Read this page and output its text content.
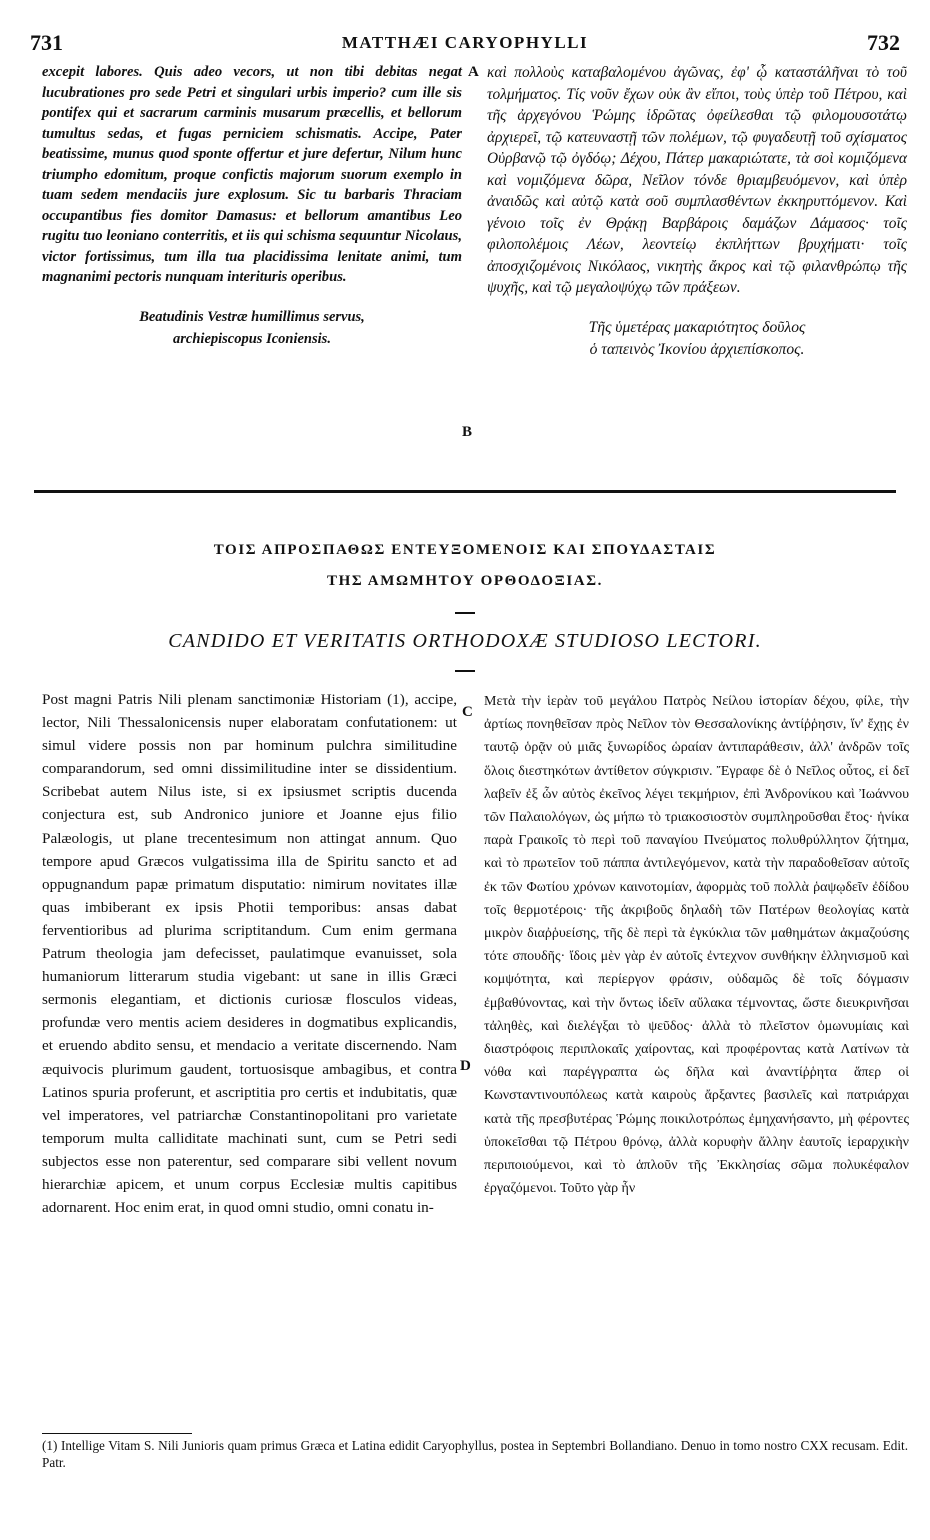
731	MATTHÆI CARYOPHYLLI	732

excepit labores. Quis adeo vecors, ut non tibi debitas negat lucubrationes pro sede Petri et singulari urbis imperio? cum ille sis pontifex qui et sacrarum carminis musarum præcellis, et bellorum tumultus sedas, et fugas perniciem schismatis. Accipe, Pater beatissime, munus quod sponte offertur et jure defertur, Nilum hunc triumpho edomitum, proque confictis majorum suorum exemplo in tuam sedem mendaciis jure explosum. Sic tu barbaris Thraciam occupantibus fies domitor Damasus: et bellorum amantibus Leo rugitu tuo leoniano conterritis, et iis qui schisma sequuntur Nicolaus, victor fortissimus, tum illa tua placidissima lenitate animi, tum magnanimi pectoris nunquam interituris operibus.

Beatudinis Vestræ humillimus servus,
archiepiscopus Iconiensis.
A
B

καὶ πολλοὺς καταβαλομένου ἀγῶνας, ἐφ' ᾧ καταστάλῆναι τὸ τοῦ τολμήματος. Τίς νοῦν ἔχων οὐκ ἂν εἴποι, τοὺς ὑπὲρ τοῦ Πέτρου, καὶ τῆς ἀρχεγόνου Ῥώμης ἱδρῶτας ὀφείλεσθαι τῷ φιλομουσοτάτῳ ἀρχιερεῖ, τῷ κατευναστῇ τῶν πολέμων, τῷ φυγαδευτῇ τοῦ σχίσματος Οὐρβανῷ τῷ ὀγδόῳ; Δέχου, Πάτερ μακαριώτατε, τὰ σοὶ κομιζόμενα καὶ νομιζόμενα δῶρα, Νεῖλον τόνδε θριαμβευόμενον, καὶ ὑπὲρ ἀναιδῶς καὶ αὐτῷ κατὰ σοῦ συμπλασθέντων ἐκκηρυττόμενον. Καὶ γένοιο τοῖς ἐν Θρᾴκῃ Βαρβάροις δαμάζων Δάμασος· τοῖς φιλοπολέμοις Λέων, λεοντείῳ ἐκπλήττων βρυχήματι· τοῖς ἀποσχιζομένοις Νικόλαος, νικητὴς ἄκρος καὶ τῷ φιλανθρώπῳ τῆς ψυχῆς, καὶ τῷ μεγαλοψύχῳ τῶν πράξεων.

Τῆς ὑμετέρας μακαριότητος δοῦλος
ὁ ταπεινὸς Ἰκονίου ἀρχιεπίσκοπος.
ΤΟΙΣ ΑΠΡΟΣΠΑΘΩΣ ΕΝΤΕΥΞΟΜΕΝΟΙΣ ΚΑΙ ΣΠΟΥΔΑΣΤΑΙΣ
ΤΗΣ ΑΜΩΜΗΤΟΥ ΟΡΘΟΔΟΞΙΑΣ.
CANDIDO ET VERITATIS ORTHODOXÆ STUDIOSO LECTORI.

Post magni Patris Nili plenam sanctimoniæ Historiam (1), accipe, lector, Nili Thessalonicensis nuper elaboratam confutationem: ut simul videre possis non par hominum pulchra similitudine comparandorum, sed omni dissimilitudine inter se dissidentium. Scribebat autem Nilus iste, si ex ipsiusmet scriptis ducenda conjectura est, sub Andronico juniore et Joanne ejus filio Palæologis, ut plane trecentesimum non attingat annum. Quo tempore apud Græcos vulgatissima illa de Spiritu sancto et ad oppugnandum papæ primatum disputatio: nimirum novitates illæ quas imbiberant ex ipsis Photii temporibus: ansas dabat ferventioribus ad plurima scriptitandum. Cum enim germana Patrum theologia jam defecisset, paulatimque evanuisset, sola humaniorum litterarum studia vigebant: ut sane in illis Græci sermonis elegantiam, et dictionis curiosæ flosculos videas, profundæ vero mentis aciem desideres in dogmatibus explicandis, et eruendo abdito sensu, et mendacio a veritate discernendo. Nam æquivocis plurimum gaudent, tortuosisque ambagibus, et contra Latinos spuria proferunt, et ascriptitia pro certis et indubitatis, quæ vel imperatores, vel patriarchæ Constantinopolitani pro varietate temporum multa calliditate machinati sunt, cum se Petri sedi subjectos esse non paterentur, sed comparare sibi vellent novum hierarchiæ apicem, et unum corpus Ecclesiæ multis capitibus adornarent. Hoc enim erat, in quod omni studio, omni conatu in-

C
D

Μετὰ τὴν ἱερὰν τοῦ μεγάλου Πατρὸς Νείλου ἱστορίαν δέχου, φίλε, τὴν ἀρτίως πονηθεῖσαν πρὸς Νεῖλον τὸν Θεσσαλονίκης ἀντίῤῥησιν, ἵν' ἔχῃς ἐν ταυτῷ ὁρᾷν οὐ μιᾶς ξυνωρίδος ὡραίαν ἀντιπαράθεσιν, ἀλλ' ἀνδρῶν τοῖς ὅλοις διεστηκότων ἀντίθετον σύγκρισιν. Ἔγραφε δὲ ὁ Νεῖλος οὗτος, εἰ δεῖ λαβεῖν ἐξ ὧν αὐτὸς ἐκεῖνος λέγει τεκμήριον, ἐπὶ Ἀνδρονίκου καὶ Ἰωάννου τῶν Παλαιολόγων, ὡς μήπω τὸ τριακοσιοστὸν συμπληροῦσθαι ἔτος· ἡνίκα παρὰ Γραικοῖς τὸ περὶ τοῦ παναγίου Πνεύματος πολυθρύλλητον ζήτημα, καὶ τὸ πρωτεῖον τοῦ πάππα ἀντιλεγόμενον, κατὰ τὴν παραδοθεῖσαν αὐτοῖς ἐκ τῶν Φωτίου χρόνων καινοτομίαν, ἀφορμὰς τοῦ πολλὰ ῥαψῳδεῖν ἐδίδου τοῖς θερμοτέροις· τῆς ἀκριβοῦς δηλαδὴ τῶν Πατέρων θεολογίας κατὰ μικρὸν διαῤῥυείσης, τῆς δὲ περὶ τὰ ἐγκύκλια τῶν μαθημάτων ἀκμαζούσης τότε σπουδῆς· ἴδοις μὲν γὰρ ἐν αὐτοῖς ἐντεχνον συνθήκην ἑλληνισμοῦ καὶ κομψότητα, καὶ περίεργον φράσιν, οὐδαμῶς δὲ τοῖς δόγμασιν ἐμβαθύνοντας, καὶ τὴν ὄντως ἰδεῖν αὔλακα τέμνοντας, ὥστε διευκρινῆσαι τἀληθὲς, καὶ διελέγξαι τὸ ψεῦδος· ἀλλὰ τὸ πλεῖστον ὁμωνυμίαις καὶ διαστρόφοις περιπλοκαῖς χαίροντας, καὶ προφέροντας κατὰ Λατίνων τὰ νόθα καὶ παρέγγραπτα ὡς δῆλα καὶ ἀναντίῤῥητα ἅπερ οἱ Κωνσταντινουπόλεως κατὰ καιροὺς ἄρξαντες βασιλεῖς καὶ πατριάρχαι κατὰ τῆς πρεσβυτέρας Ῥώμης ποικιλοτρόπως ἐμηχανήσαντο, μὴ φέροντες ὑποκεῖσθαι τῷ Πέτρου θρόνῳ, ἀλλὰ κορυφὴν ἄλλην ἑαυτοῖς ἱεραρχικὴν περιποιούμενοι, καὶ τὸ ἁπλοῦν τῆς Ἐκκλησίας σῶμα πολυκέφαλον ἐργαζόμενοι. Τοῦτο γὰρ ἦν

(1) Intellige Vitam S. Nili Junioris quam primus Græca et Latina edidit Caryophyllus, postea in Septembri Bollandiano. Denuo in tomo nostro CXX recusam. Edit. Patr.
